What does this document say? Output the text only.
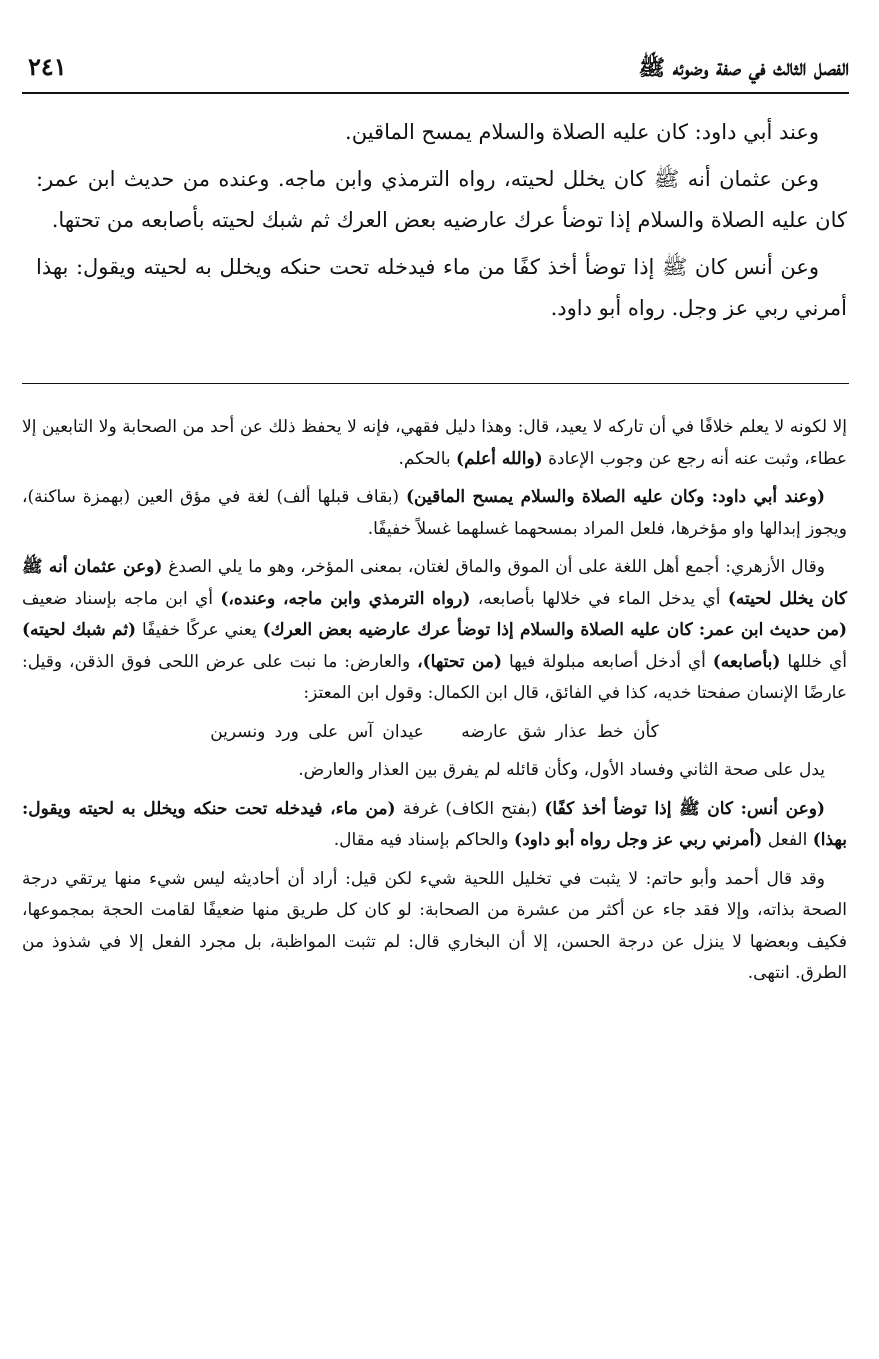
الفصل الثالث في صفة وضوئه ﷺ
٢٤١

وعند أبي داود: كان عليه الصلاة والسلام يمسح الماقين.

وعن عثمان أنه ﷺ كان يخلل لحيته، رواه الترمذي وابن ماجه. وعنده من حديث ابن عمر: كان عليه الصلاة والسلام إذا توضأ عرك عارضيه بعض العرك ثم شبك لحيته بأصابعه من تحتها.

وعن أنس كان ﷺ إذا توضأ أخذ كفًا من ماء فيدخله تحت حنكه ويخلل به لحيته ويقول: بهذا أمرني ربي عز وجل. رواه أبو داود.

إلا لكونه لا يعلم خلافًا في أن تاركه لا يعيد، قال: وهذا دليل فقهي، فإنه لا يحفظ ذلك عن أحد من الصحابة ولا التابعين إلا عطاء، وثبت عنه أنه رجع عن وجوب الإعادة (والله أعلم) بالحكم.

(وعند أبي داود: وكان عليه الصلاة والسلام يمسح الماقين) (بقاف قبلها ألف) لغة في مؤق العين (بهمزة ساكنة)، ويجوز إبدالها واو مؤخرها، فلعل المراد بمسحهما غسلهما غسلاً خفيفًا.

وقال الأزهري: أجمع أهل اللغة على أن الموق والماق لغتان، بمعنى المؤخر، وهو ما يلي الصدغ (وعن عثمان أنه ﷺ كان يخلل لحيته) أي يدخل الماء في خلالها بأصابعه، (رواه الترمذي وابن ماجه، وعنده،) أي ابن ماجه بإسناد ضعيف (من حديث ابن عمر: كان عليه الصلاة والسلام إذا توضأ عرك عارضيه بعض العرك) يعني عركًا خفيفًا (ثم شبك لحيته) أي خللها (بأصابعه) أي أدخل أصابعه مبلولة فيها (من تحتها)، والعارض: ما نبت على عرض اللحى فوق الذقن، وقيل: عارضًا الإنسان صفحتا خديه، كذا في الفائق، قال ابن الكمال: وقول ابن المعتز:

كأن خط عذار شق عارضه عيدان آس على ورد ونسرين

يدل على صحة الثاني وفساد الأول، وكأن قائله لم يفرق بين العذار والعارض.

(وعن أنس: كان ﷺ إذا توضأ أخذ كفًا) (بفتح الكاف) غرفة (من ماء، فيدخله تحت حنكه ويخلل به لحيته ويقول: بهذا) الفعل (أمرني ربي عز وجل رواه أبو داود) والحاكم بإسناد فيه مقال.

وقد قال أحمد وأبو حاتم: لا يثبت في تخليل اللحية شيء لكن قيل: أراد أن أحاديثه ليس شيء منها يرتقي درجة الصحة بذاته، وإلا فقد جاء عن أكثر من عشرة من الصحابة: لو كان كل طريق منها ضعيفًا لقامت الحجة بمجموعها، فكيف وبعضها لا ينزل عن درجة الحسن، إلا أن البخاري قال: لم تثبت المواظبة، بل مجرد الفعل إلا في شذوذ من الطرق. انتهى.
